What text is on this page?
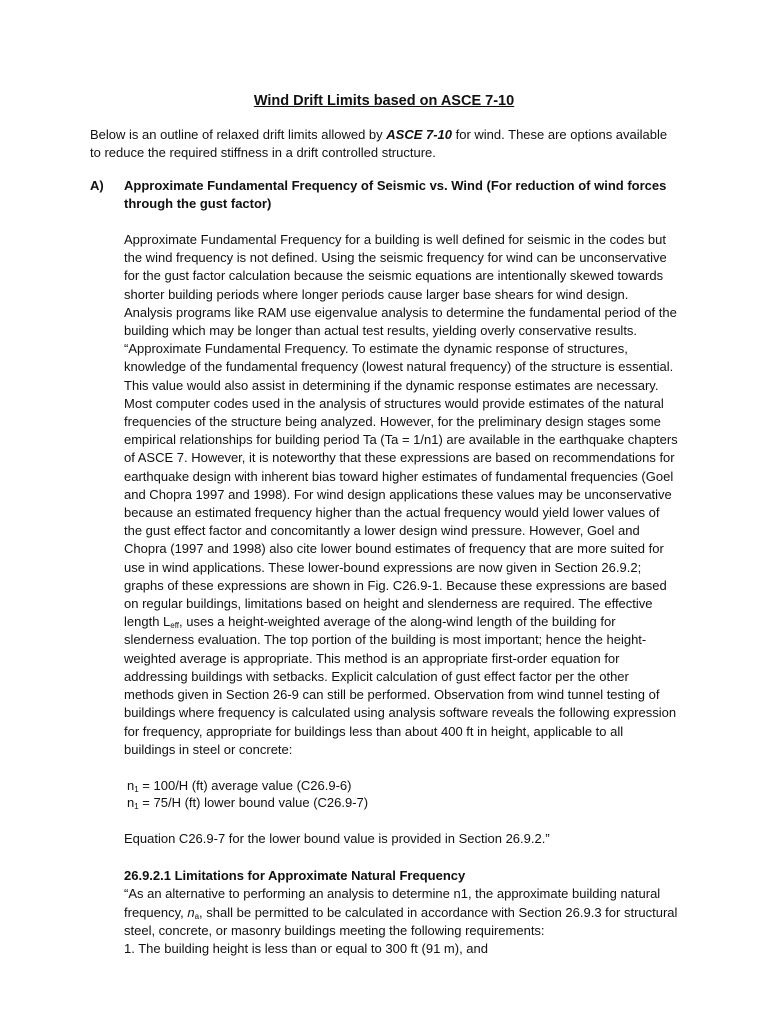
Wind Drift Limits based on ASCE 7-10

Below is an outline of relaxed drift limits allowed by ASCE 7-10 for wind. These are options available to reduce the required stiffness in a drift controlled structure.

A)	Approximate Fundamental Frequency of Seismic vs. Wind (For reduction of wind forces through the gust factor)

Approximate Fundamental Frequency for a building is well defined for seismic in the codes but the wind frequency is not defined. Using the seismic frequency for wind can be unconservative for the gust factor calculation because the seismic equations are intentionally skewed towards shorter building periods where longer periods cause larger base shears for wind design. Analysis programs like RAM use eigenvalue analysis to determine the fundamental period of the building which may be longer than actual test results, yielding overly conservative results.

“Approximate Fundamental Frequency. To estimate the dynamic response of structures, knowledge of the fundamental frequency (lowest natural frequency) of the structure is essential. This value would also assist in determining if the dynamic response estimates are necessary. Most computer codes used in the analysis of structures would provide estimates of the natural frequencies of the structure being analyzed. However, for the preliminary design stages some empirical relationships for building period Ta (Ta = 1/n1) are available in the earthquake chapters of ASCE 7. However, it is noteworthy that these expressions are based on recommendations for earthquake design with inherent bias toward higher estimates of fundamental frequencies (Goel and Chopra 1997 and 1998). For wind design applications these values may be unconservative because an estimated frequency higher than the actual frequency would yield lower values of the gust effect factor and concomitantly a lower design wind pressure. However, Goel and Chopra (1997 and 1998) also cite lower bound estimates of frequency that are more suited for use in wind applications. These lower-bound expressions are now given in Section 26.9.2; graphs of these expressions are shown in Fig. C26.9-1. Because these expressions are based on regular buildings, limitations based on height and slenderness are required. The effective length $L_{eff}$, uses a height-weighted average of the along-wind length of the building for slenderness evaluation. The top portion of the building is most important; hence the height-weighted average is appropriate. This method is an appropriate first-order equation for addressing buildings with setbacks. Explicit calculation of gust effect factor per the other methods given in Section 26-9 can still be performed. Observation from wind tunnel testing of buildings where frequency is calculated using analysis software reveals the following expression for frequency, appropriate for buildings less than about 400 ft in height, applicable to all buildings in steel or concrete:

$n_1 = 100/H$ (ft) average value (C26.9-6)

$n_1 = 75/H$ (ft) lower bound value (C26.9-7)

Equation C26.9-7 for the lower bound value is provided in Section 26.9.2.”

26.9.2.1 Limitations for Approximate Natural Frequency

“As an alternative to performing an analysis to determine n1, the approximate building natural frequency, $n_a$, shall be permitted to be calculated in accordance with Section 26.9.3 for structural steel, concrete, or masonry buildings meeting the following requirements:

1. The building height is less than or equal to 300 ft (91 m), and
